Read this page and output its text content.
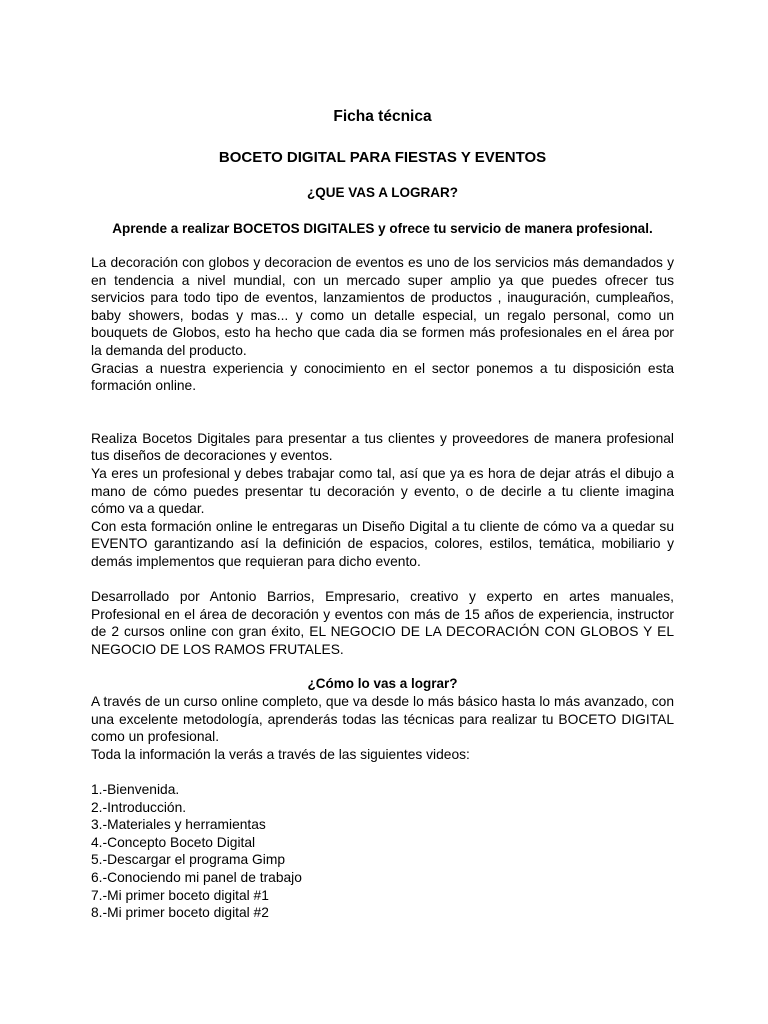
Ficha técnica
BOCETO DIGITAL PARA FIESTAS Y EVENTOS
¿QUE VAS A LOGRAR?

Aprende a realizar BOCETOS DIGITALES y ofrece tu servicio de manera profesional.

La decoración con globos y decoracion de eventos es uno de los servicios más demandados y en tendencia a nivel mundial, con un mercado super amplio ya que puedes ofrecer tus servicios para todo tipo de eventos, lanzamientos de productos , inauguración, cumpleaños, baby showers, bodas y mas... y como un detalle especial, un regalo personal, como un bouquets de Globos, esto ha hecho que cada dia se formen más profesionales en el área por la demanda del producto.

Gracias a nuestra experiencia y conocimiento en el sector ponemos a tu disposición esta formación online.

Realiza Bocetos Digitales para presentar a tus clientes y proveedores de manera profesional tus diseños de decoraciones y eventos.

Ya eres un profesional y debes trabajar como tal, así que ya es hora de dejar atrás el dibujo a mano de cómo puedes presentar tu decoración y evento, o de decirle a tu cliente imagina cómo va a quedar.

Con esta formación online le entregaras un Diseño Digital a tu cliente de cómo va a quedar su EVENTO garantizando así la definición de espacios, colores, estilos, temática, mobiliario y demás implementos que requieran para dicho evento.

Desarrollado por Antonio Barrios, Empresario, creativo y experto en artes manuales, Profesional en el área de decoración y eventos con más de 15 años de experiencia, instructor de 2 cursos online con gran éxito, EL NEGOCIO DE LA DECORACIÓN CON GLOBOS Y EL NEGOCIO DE LOS RAMOS FRUTALES.

¿Cómo lo vas a lograr?

A través de un curso online completo, que va desde lo más básico hasta lo más avanzado, con una excelente metodología, aprenderás todas las técnicas para realizar tu BOCETO DIGITAL como un profesional.

Toda la información la verás a través de las siguientes videos:

1.-Bienvenida.
2.-Introducción.
3.-Materiales y herramientas
4.-Concepto Boceto Digital
5.-Descargar el programa Gimp
6.-Conociendo mi panel de trabajo
7.-Mi primer boceto digital #1
8.-Mi primer boceto digital #2
